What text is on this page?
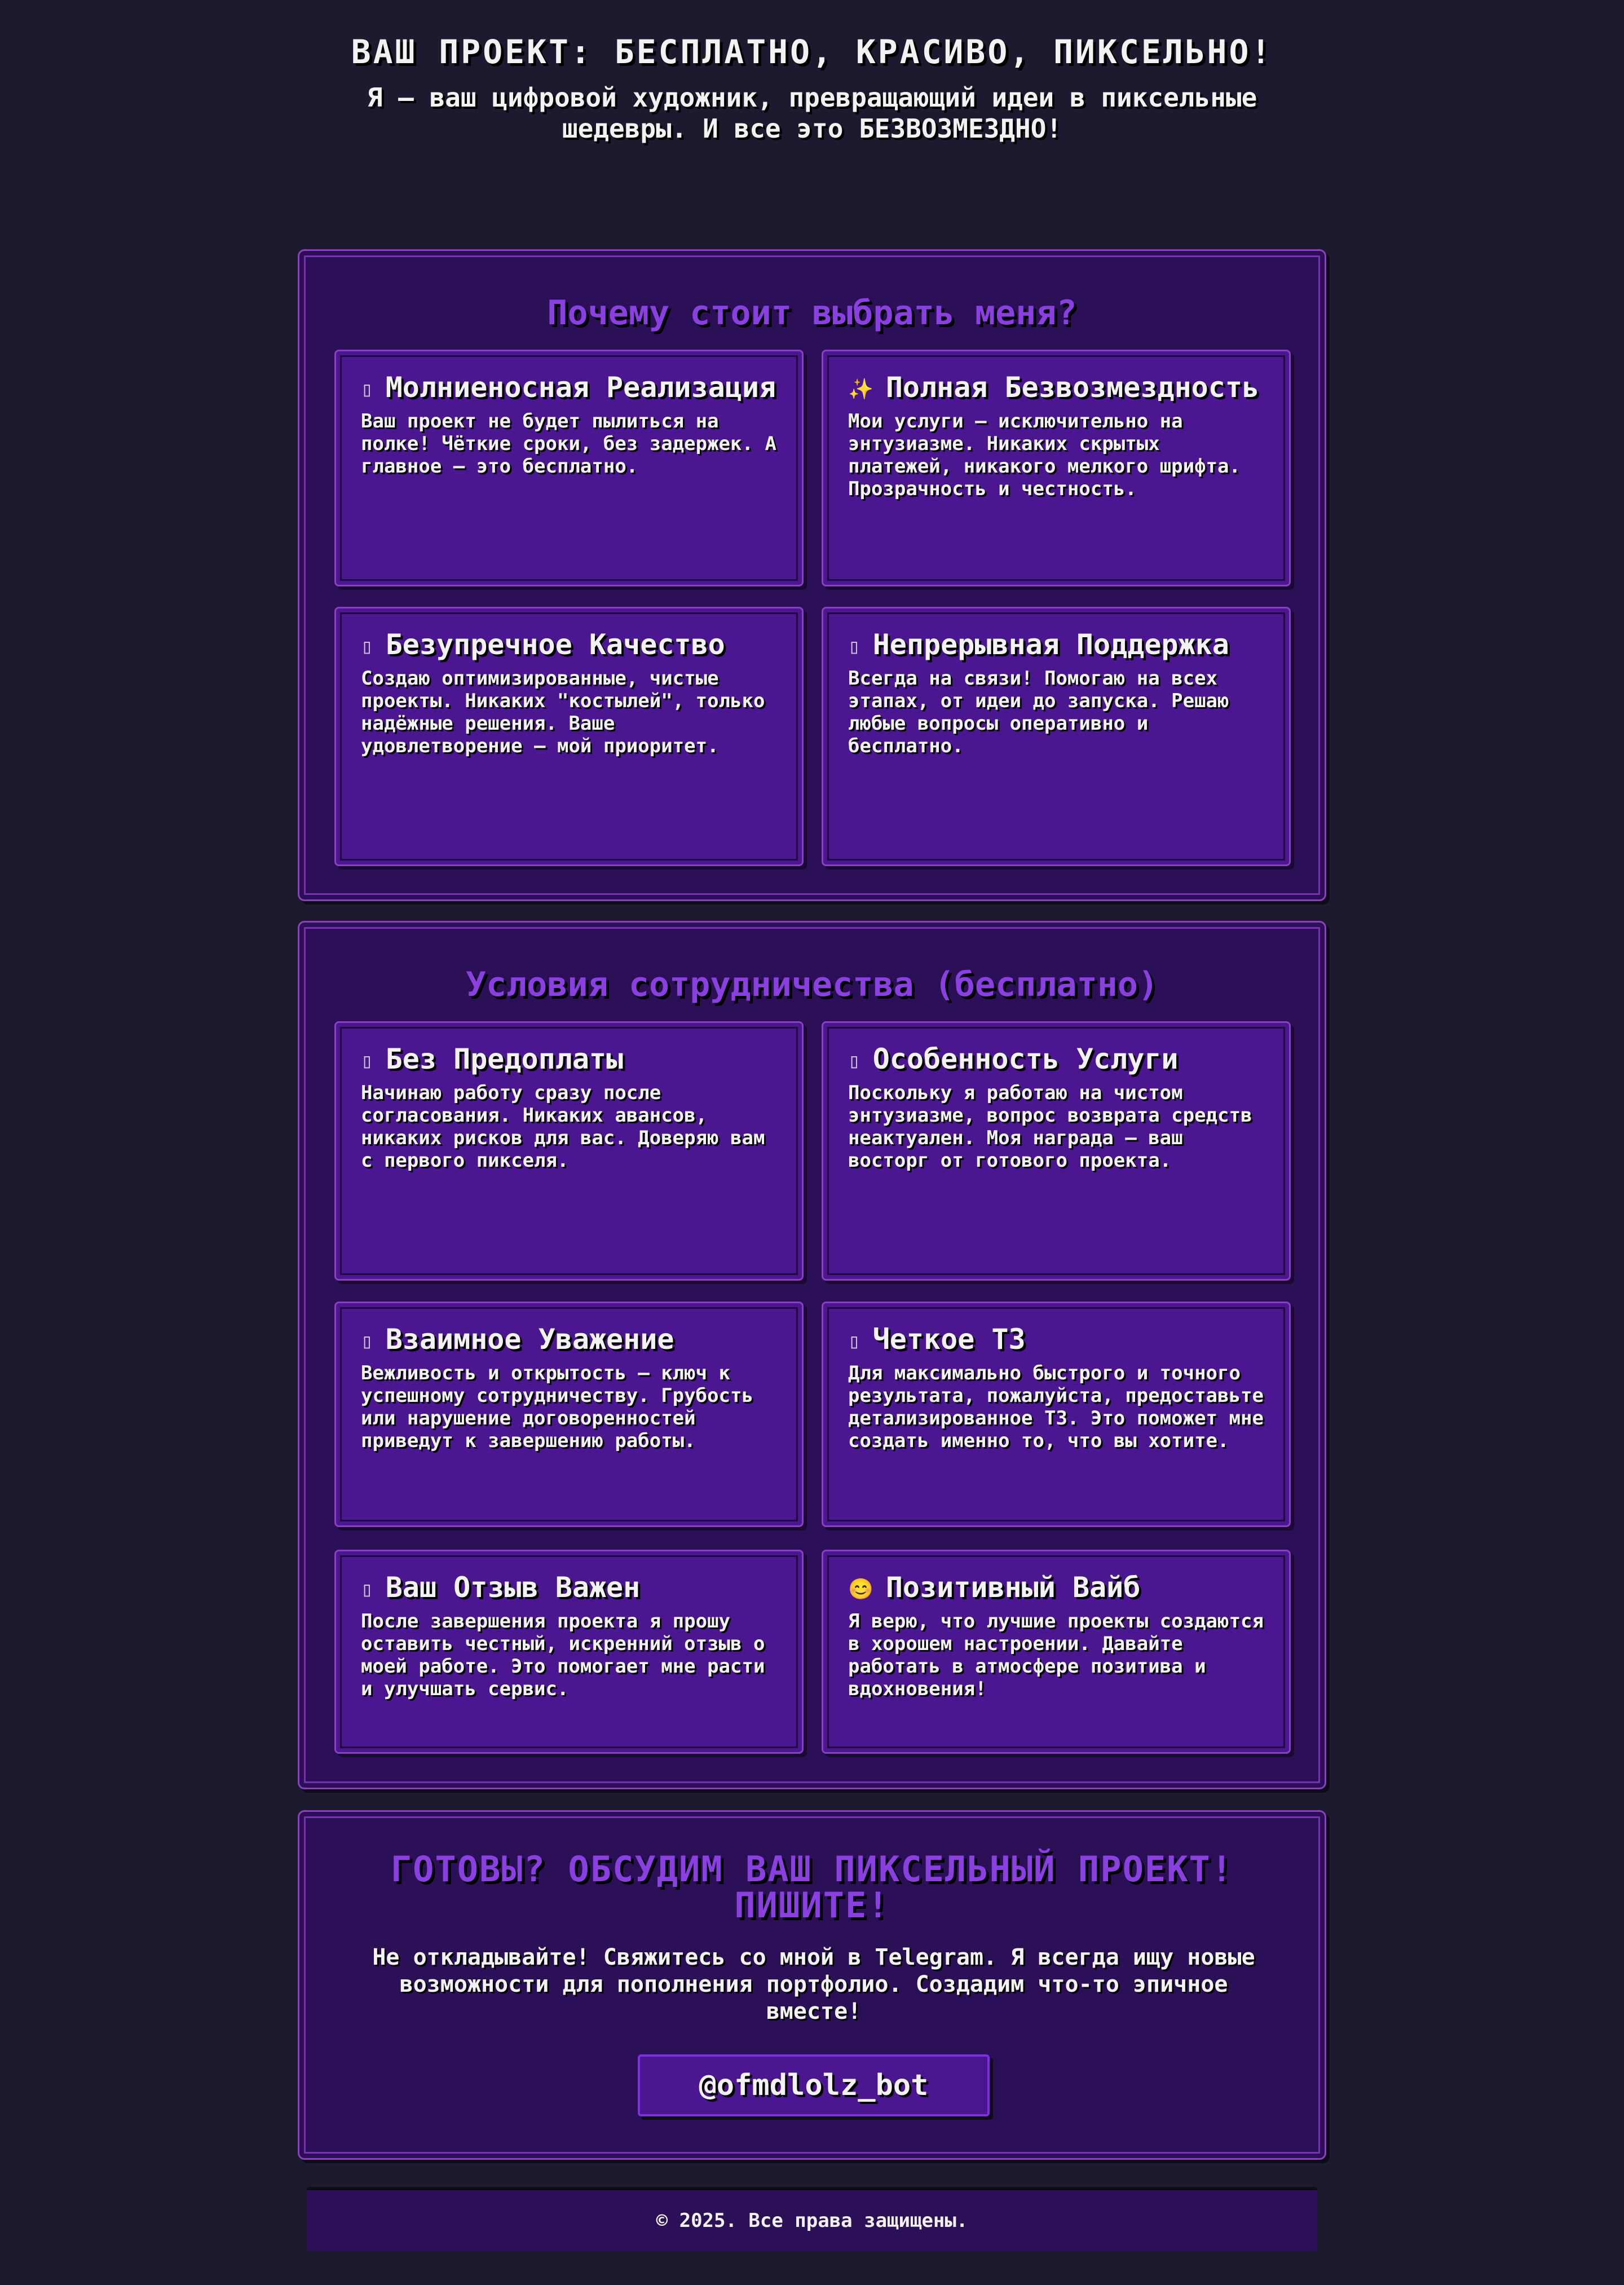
ВАШ ПРОЕКТ: БЕСПЛАТНО, КРАСИВО, ПИКСЕЛЬНО!

Я — ваш цифровой художник, превращающий идеи в пиксельные шедевры. И все это БЕЗВОЗМЕЗДНО!

Почему стоит выбрать меня?
▯ Молниеносная Реализация

Ваш проект не будет пылиться на полке! Чёткие сроки, без задержек. А главное — это бесплатно.

✨ Полная Безвозмездность

Мои услуги — исключительно на энтузиазме. Никаких скрытых платежей, никакого мелкого шрифта. Прозрачность и честность.

▯ Безупречное Качество

Создаю оптимизированные, чистые проекты. Никаких "костылей", только надёжные решения. Ваше удовлетворение — мой приоритет.

▯ Непрерывная Поддержка

Всегда на связи! Помогаю на всех этапах, от идеи до запуска. Решаю любые вопросы оперативно и бесплатно.

Условия сотрудничества (бесплатно)
▯ Без Предоплаты

Начинаю работу сразу после согласования. Никаких авансов, никаких рисков для вас. Доверяю вам с первого пикселя.

▯ Особенность Услуги

Поскольку я работаю на чистом энтузиазме, вопрос возврата средств неактуален. Моя награда — ваш восторг от готового проекта.

▯ Взаимное Уважение

Вежливость и открытость — ключ к успешному сотрудничеству. Грубость или нарушение договоренностей приведут к завершению работы.

▯ Четкое ТЗ

Для максимально быстрого и точного результата, пожалуйста, предоставьте детализированное ТЗ. Это поможет мне создать именно то, что вы хотите.

▯ Ваш Отзыв Важен

После завершения проекта я прошу оставить честный, искренний отзыв о моей работе. Это помогает мне расти и улучшать сервис.

😊 Позитивный Вайб

Я верю, что лучшие проекты создаются в хорошем настроении. Давайте работать в атмосфере позитива и вдохновения!

ГОТОВЫ? ОБСУДИМ ВАШ ПИКСЕЛЬНЫЙ ПРОЕКТ! ПИШИТЕ!

Не откладывайте! Свяжитесь со мной в Telegram. Я всегда ищу новые возможности для пополнения портфолио. Создадим что-то эпичное вместе!

@ofmdlolz_bot
© 2025. Все права защищены.
